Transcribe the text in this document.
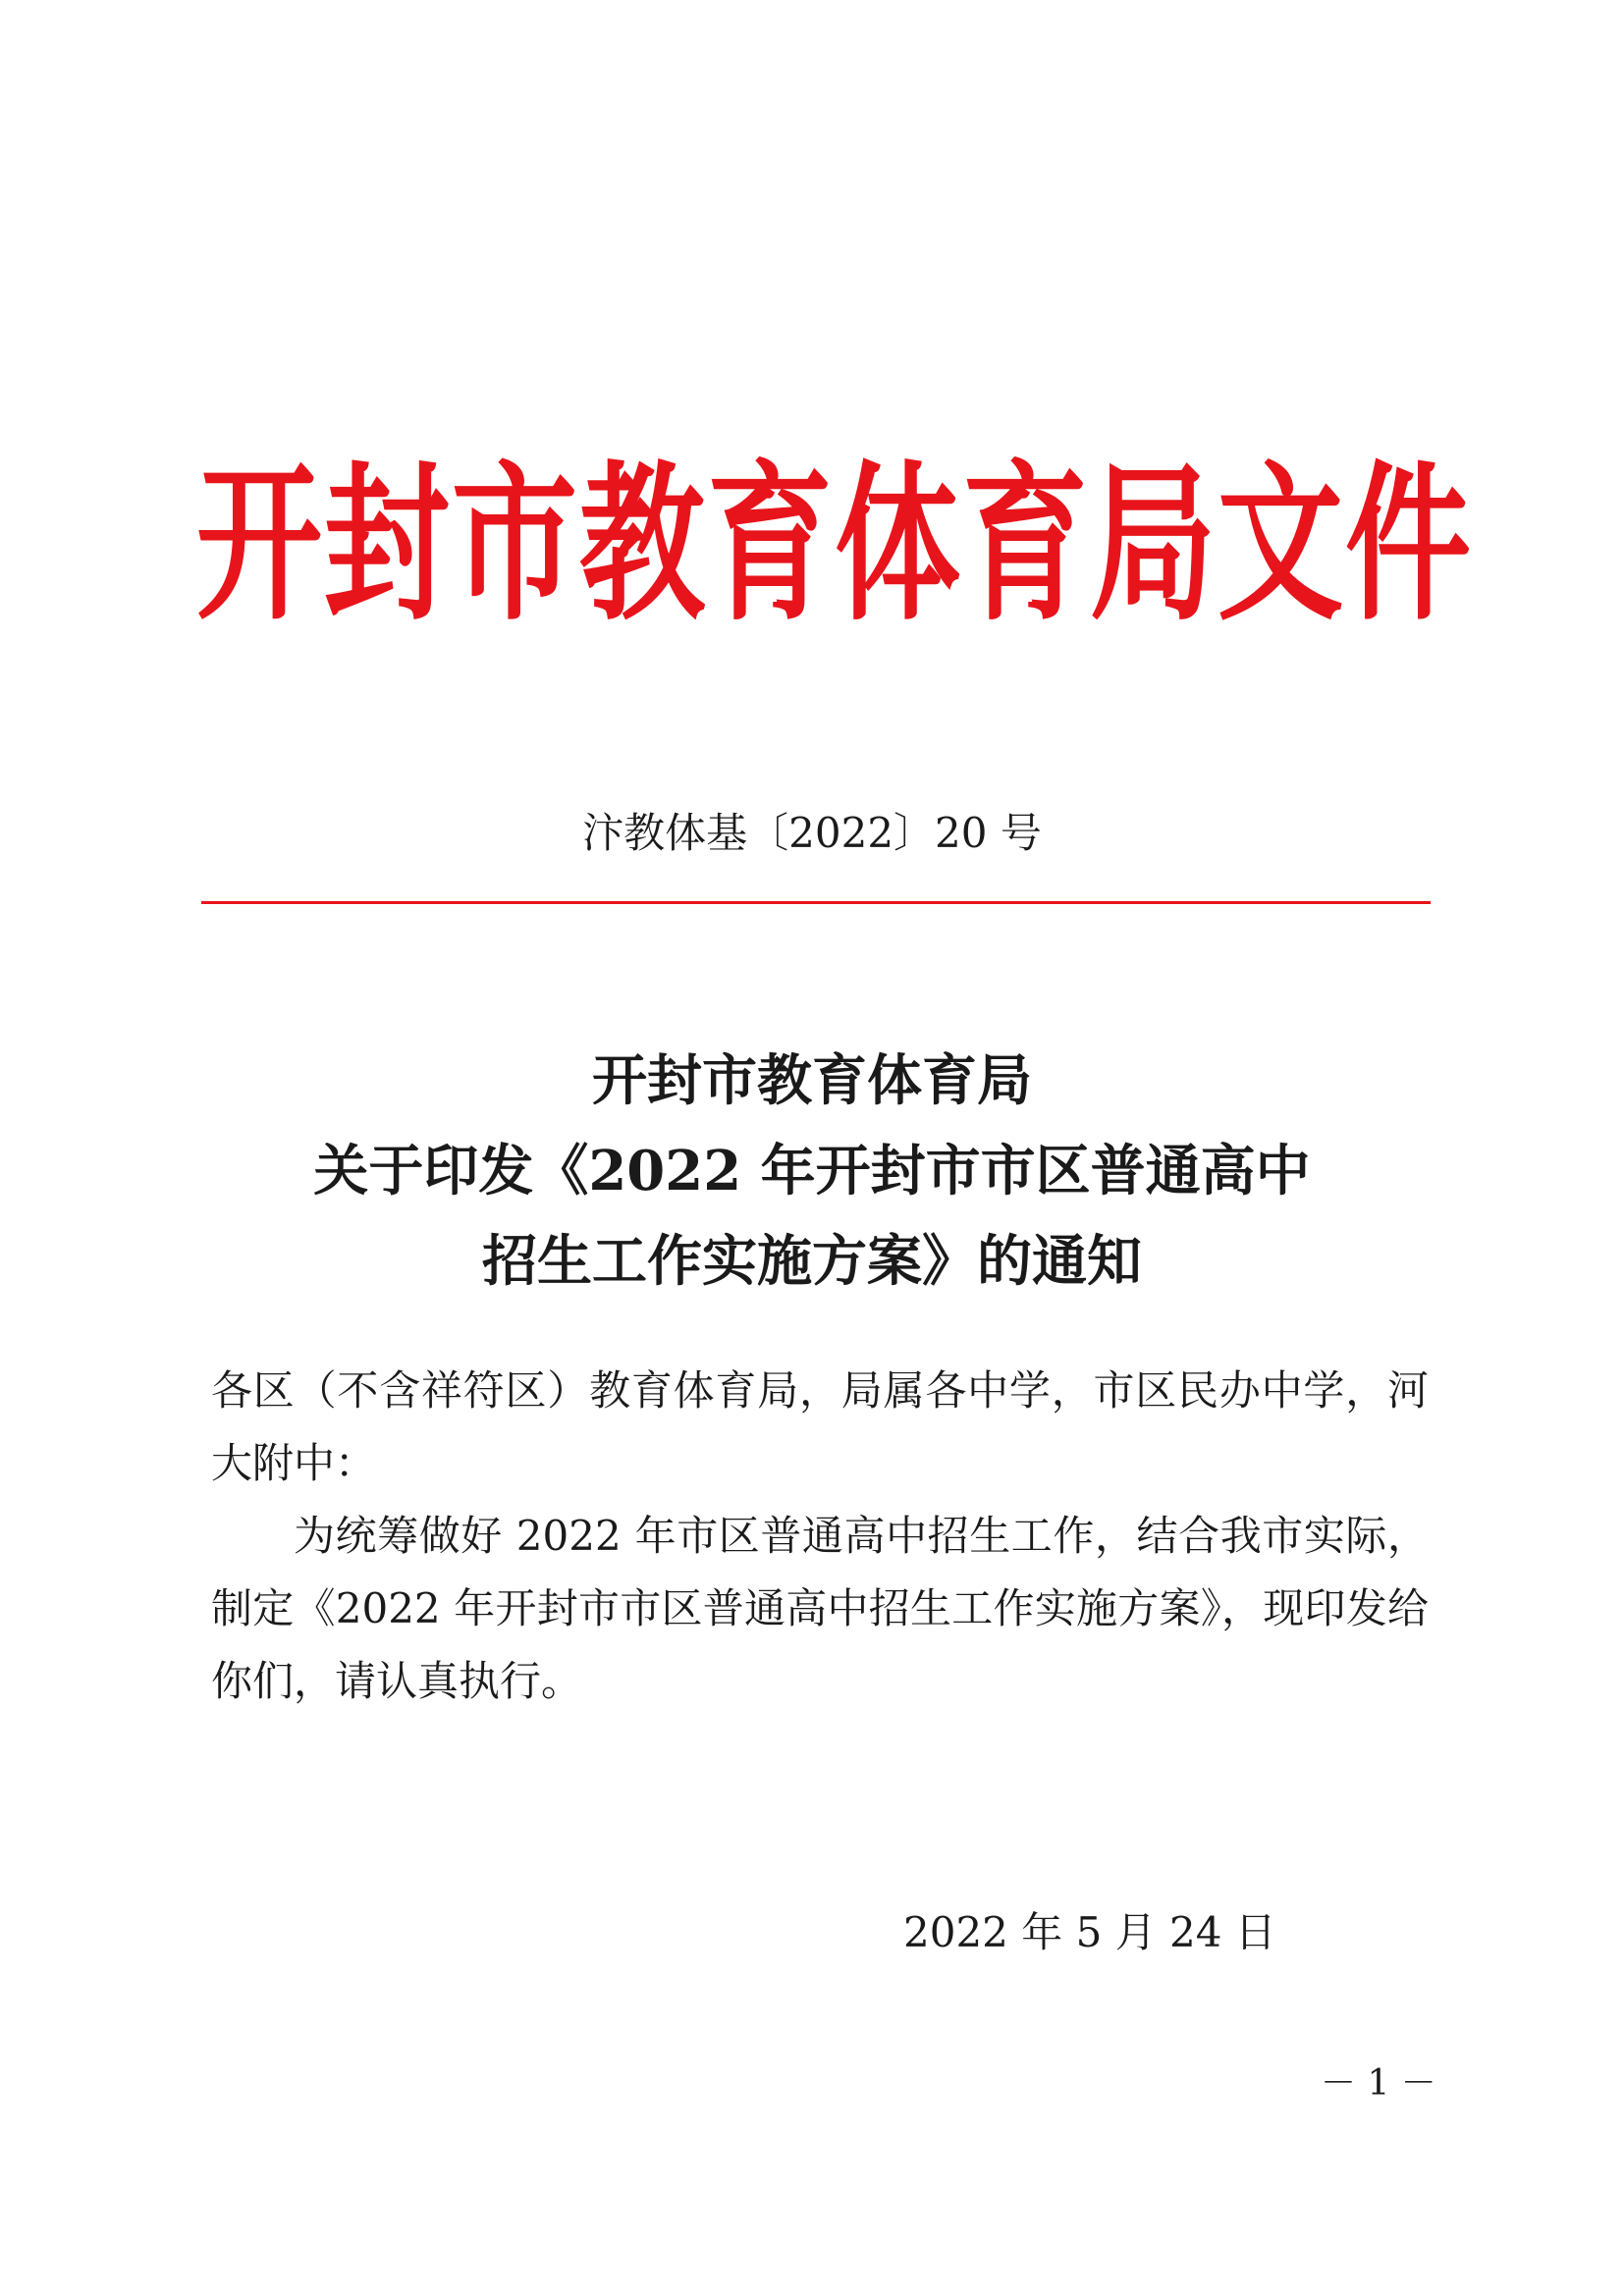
开封市教育体育局文件
汴教体基〔2022〕20 号
开封市教育体育局
关于印发《2022 年开封市市区普通高中
招生工作实施方案》的通知

各区（不含祥符区）教育体育局，局属各中学，市区民办中学，河大附中：

为统筹做好 2022 年市区普通高中招生工作，结合我市实际，制定《2022 年开封市市区普通高中招生工作实施方案》，现印发给你们，请认真执行。

2022 年 5 月 24 日
－ 1 －
